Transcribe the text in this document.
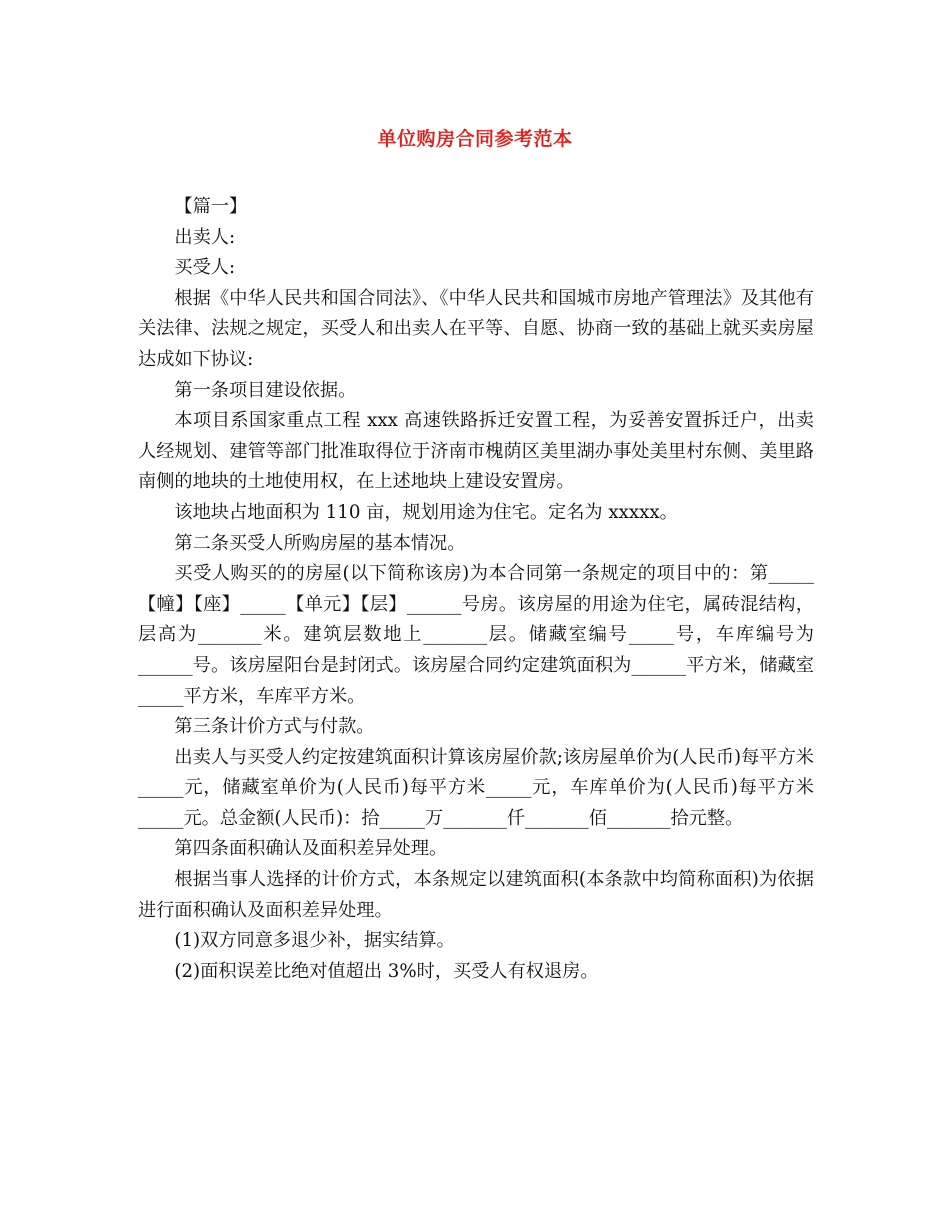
单位购房合同参考范本

【篇一】

出卖人:

买受人:

根据《中华人民共和国合同法》、《中华人民共和国城市房地产管理法》及其他有关法律、法规之规定，买受人和出卖人在平等、自愿、协商一致的基础上就买卖房屋达成如下协议:

第一条项目建设依据。

本项目系国家重点工程 xxx 高速铁路拆迁安置工程，为妥善安置拆迁户，出卖人经规划、建管等部门批准取得位于济南市槐荫区美里湖办事处美里村东侧、美里路南侧的地块的土地使用权，在上述地块上建设安置房。

该地块占地面积为 110 亩，规划用途为住宅。定名为 xxxxx。

第二条买受人所购房屋的基本情况。

买受人购买的的房屋(以下简称该房)为本合同第一条规定的项目中的：第_____【幢】【座】_____【单元】【层】______号房。该房屋的用途为住宅，属砖混结构，层高为_______米。建筑层数地上_______层。储藏室编号_____号，车库编号为______号。该房屋阳台是封闭式。该房屋合同约定建筑面积为______平方米，储藏室_____平方米，车库平方米。

第三条计价方式与付款。

出卖人与买受人约定按建筑面积计算该房屋价款;该房屋单价为(人民币)每平方米_____元，储藏室单价为(人民币)每平方米_____元，车库单价为(人民币)每平方米_____元。总金额(人民币)：拾_____万_______仟_______佰_______拾元整。

第四条面积确认及面积差异处理。

根据当事人选择的计价方式，本条规定以建筑面积(本条款中均简称面积)为依据进行面积确认及面积差异处理。

(1)双方同意多退少补，据实结算。

(2)面积误差比绝对值超出 3%时，买受人有权退房。
